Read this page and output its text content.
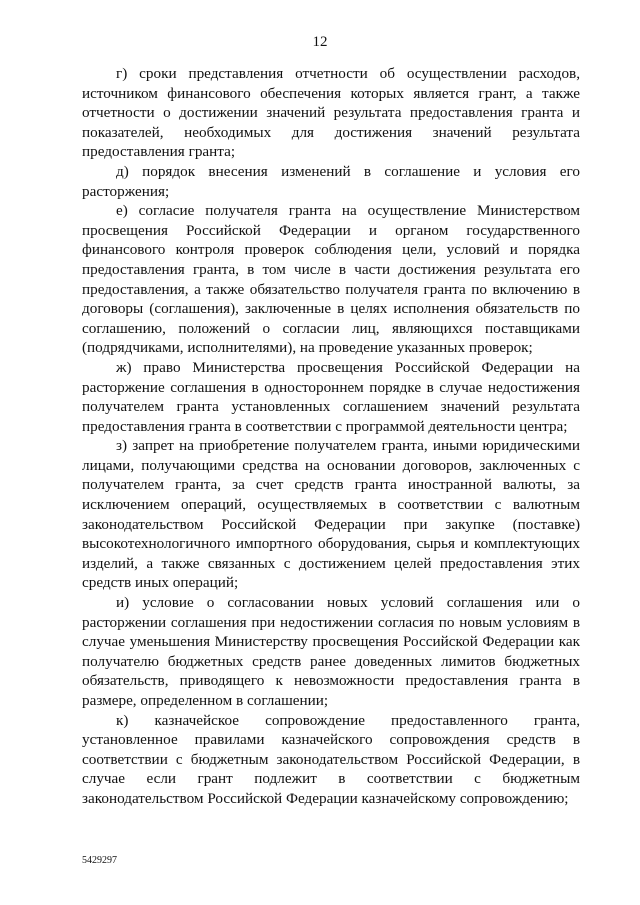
12

г) сроки представления отчетности об осуществлении расходов, источником финансового обеспечения которых является грант, а также отчетности о достижении значений результата предоставления гранта и показателей, необходимых для достижения значений результата предоставления гранта;

д) порядок внесения изменений в соглашение и условия его расторжения;

е) согласие получателя гранта на осуществление Министерством просвещения Российской Федерации и органом государственного финансового контроля проверок соблюдения цели, условий и порядка предоставления гранта, в том числе в части достижения результата его предоставления, а также обязательство получателя гранта по включению в договоры (соглашения), заключенные в целях исполнения обязательств по соглашению, положений о согласии лиц, являющихся поставщиками (подрядчиками, исполнителями), на проведение указанных проверок;

ж) право Министерства просвещения Российской Федерации на расторжение соглашения в одностороннем порядке в случае недостижения получателем гранта установленных соглашением значений результата предоставления гранта в соответствии с программой деятельности центра;

з) запрет на приобретение получателем гранта, иными юридическими лицами, получающими средства на основании договоров, заключенных с получателем гранта, за счет средств гранта иностранной валюты, за исключением операций, осуществляемых в соответствии с валютным законодательством Российской Федерации при закупке (поставке) высокотехнологичного импортного оборудования, сырья и комплектующих изделий, а также связанных с достижением целей предоставления этих средств иных операций;

и) условие о согласовании новых условий соглашения или о расторжении соглашения при недостижении согласия по новым условиям в случае уменьшения Министерству просвещения Российской Федерации как получателю бюджетных средств ранее доведенных лимитов бюджетных обязательств, приводящего к невозможности предоставления гранта в размере, определенном в соглашении;

к) казначейское сопровождение предоставленного гранта, установленное правилами казначейского сопровождения средств в соответствии с бюджетным законодательством Российской Федерации, в случае если грант подлежит в соответствии с бюджетным законодательством Российской Федерации казначейскому сопровождению;

5429297
